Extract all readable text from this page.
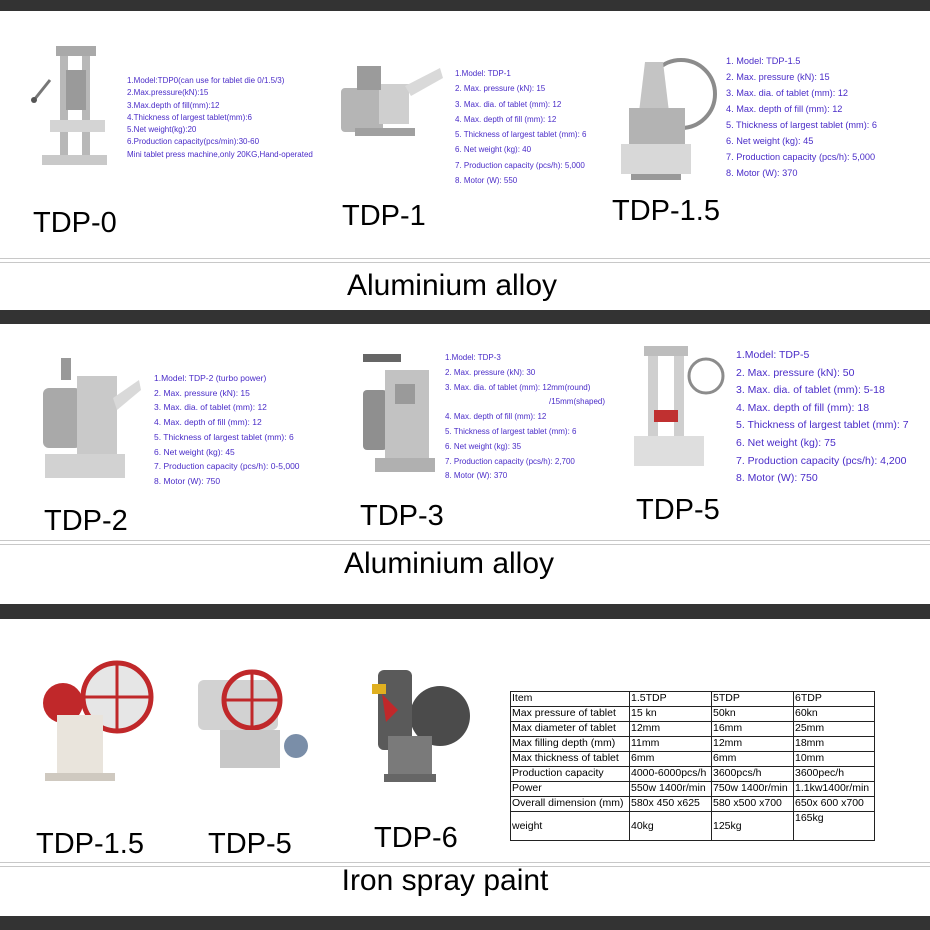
1.Model:TDP0(can use for tablet die 0/1.5/3)
2.Max.pressure(kN):15
3.Max.depth of fill(mm):12
4.Thickness of largest tablet(mm):6
5.Net weight(kg):20
6.Production capacity(pcs/min):30-60
Mini tablet press machine,only 20KG,Hand-operated
TDP-0
1.Model: TDP-1
2. Max. pressure (kN): 15
3. Max. dia. of tablet (mm): 12
4. Max. depth of fill (mm): 12
5. Thickness of largest tablet (mm): 6
6. Net weight (kg): 40
7. Production capacity (pcs/h): 5,000
8. Motor (W): 550
TDP-1
1. Model: TDP-1.5
2. Max. pressure (kN): 15
3. Max. dia. of tablet (mm): 12
4. Max. depth of fill (mm): 12
5. Thickness of largest tablet (mm): 6
6. Net weight (kg): 45
7. Production capacity (pcs/h): 5,000
8. Motor (W): 370
TDP-1.5
Aluminium alloy
1.Model: TDP-2 (turbo power)
2. Max. pressure (kN): 15
3. Max. dia. of tablet (mm): 12
4. Max. depth of fill (mm): 12
5. Thickness of largest tablet (mm): 6
6. Net weight (kg): 45
7. Production capacity (pcs/h): 0-5,000
8. Motor (W): 750
TDP-2
1.Model: TDP-3
2. Max. pressure (kN): 30
3. Max. dia. of tablet (mm): 12mm(round)
/15mm(shaped)
4. Max. depth of fill (mm): 12
5. Thickness of largest tablet (mm): 6
6. Net weight (kg): 35
7. Production capacity (pcs/h): 2,700
8. Motor (W): 370
TDP-3
1.Model: TDP-5
2. Max. pressure (kN): 50
3. Max. dia. of tablet (mm): 5-18
4. Max. depth of fill (mm): 18
5. Thickness of largest tablet (mm): 7
6. Net weight (kg): 75
7. Production capacity (pcs/h): 4,200
8. Motor (W): 750
TDP-5
Aluminium alloy
TDP-1.5 TDP-5	TDP-6
Item	1.5TDP	5TDP	6TDP
Max pressure of tablet	15 kn	50kn	60kn
Max diameter of tablet	12mm	16mm	25mm
Max filling depth (mm)	11mm	12mm	18mm
Max thickness of tablet	6mm	6mm	10mm
Production capacity	4000-6000pcs/h	3600pcs/h	3600pec/h
Power	550w 1400r/min	750w 1400r/min	1.1kw1400r/min
Overall dimension (mm)	580x 450 x625	580 x500 x700	650x 600 x700
weight	40kg	125kg	165kg
Iron spray paint
